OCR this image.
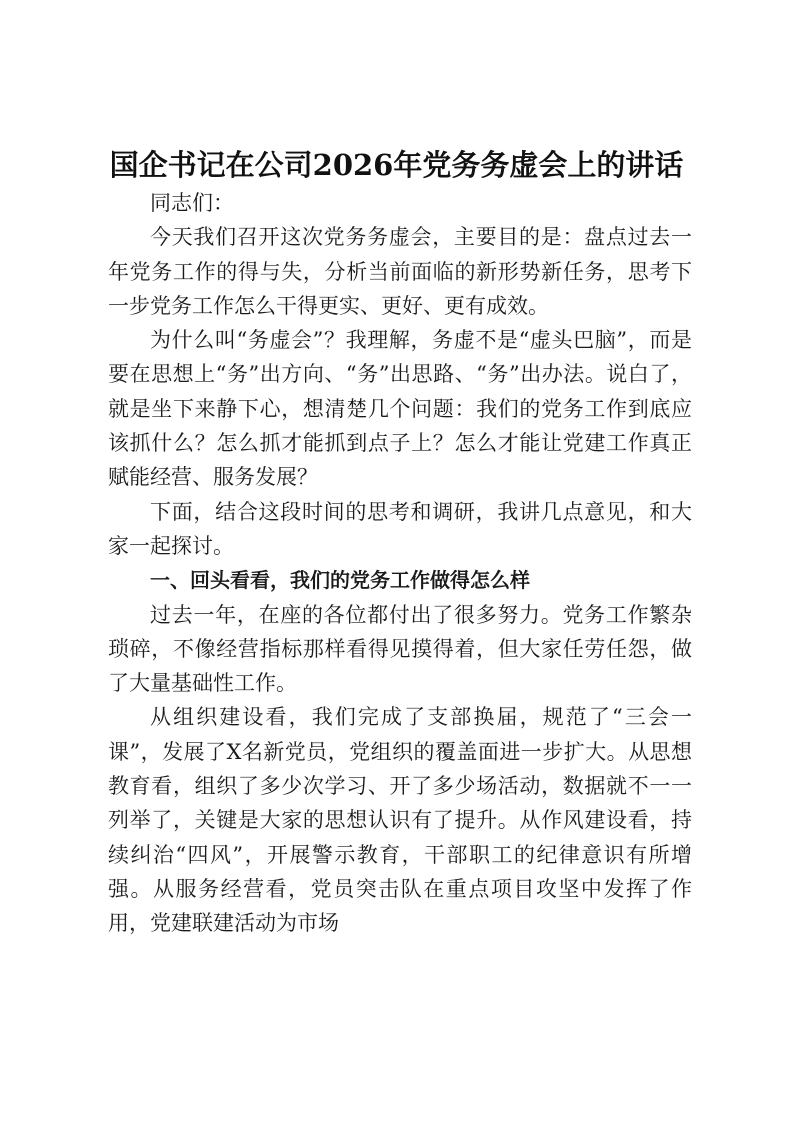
国企书记在公司2026年党务务虚会上的讲话

同志们：

今天我们召开这次党务务虚会，主要目的是：盘点过去一年党务工作的得与失，分析当前面临的新形势新任务，思考下一步党务工作怎么干得更实、更好、更有成效。

为什么叫“务虚会”？我理解，务虚不是“虚头巴脑”，而是要在思想上“务”出方向、“务”出思路、“务”出办法。说白了，就是坐下来静下心，想清楚几个问题：我们的党务工作到底应该抓什么？怎么抓才能抓到点子上？怎么才能让党建工作真正赋能经营、服务发展？

下面，结合这段时间的思考和调研，我讲几点意见，和大家一起探讨。

一、回头看看，我们的党务工作做得怎么样

过去一年，在座的各位都付出了很多努力。党务工作繁杂琐碎，不像经营指标那样看得见摸得着，但大家任劳任怨，做了大量基础性工作。

从组织建设看，我们完成了支部换届，规范了“三会一课”，发展了X名新党员，党组织的覆盖面进一步扩大。从思想教育看，组织了多少次学习、开了多少场活动，数据就不一一列举了，关键是大家的思想认识有了提升。从作风建设看，持续纠治“四风”，开展警示教育，干部职工的纪律意识有所增强。从服务经营看，党员突击队在重点项目攻坚中发挥了作用，党建联建活动为市场
